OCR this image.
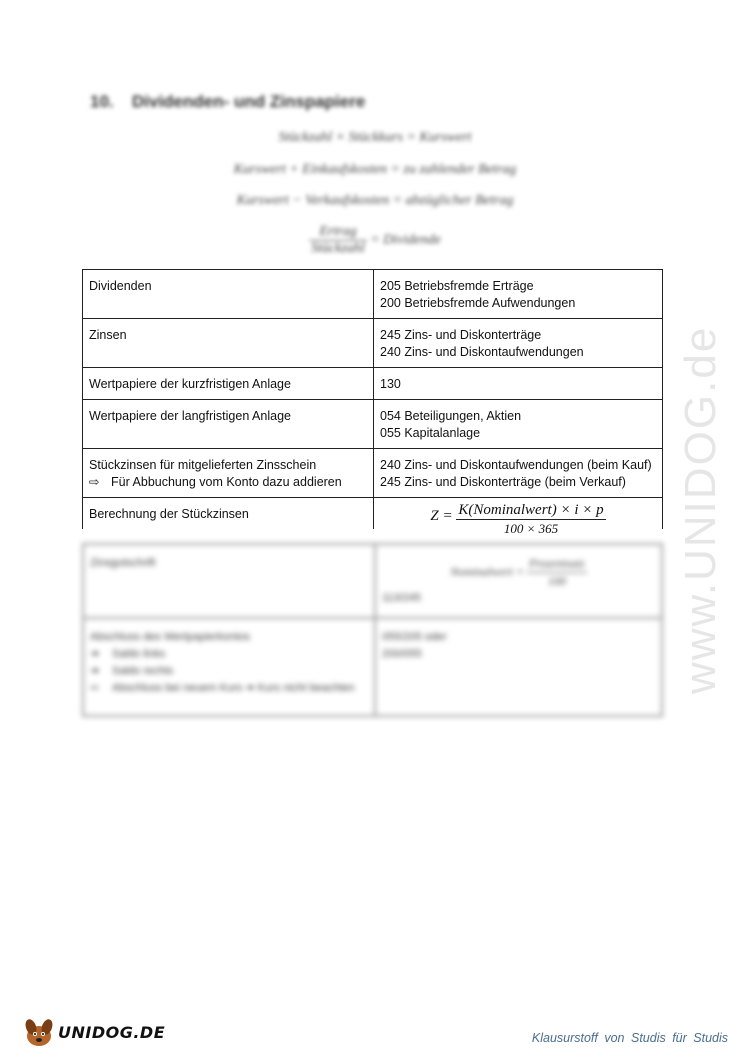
10. Dividenden- und Zinspapiere
Stückzahl × Stückkurs = Kurswert
Kurswert + Einkaufskosten = zu zahlender Betrag
Kurswert − Verkaufskosten = abzüglicher Betrag
$\frac{\text{Ertrag}}{\text{Stückzahl}}$ = Dividende
Dividenden	205 Betriebsfremde Erträge
200 Betriebsfremde Aufwendungen

Zinsen	245 Zins- und Diskonterträge
240 Zins- und Diskontaufwendungen

Wertpapiere der kurzfristigen Anlage	130
Wertpapiere der langfristigen Anlage	054 Beteiligungen, Aktien
055 Kapitalanlage

Stückzinsen für mitgelieferten Zinsschein
⇨ Für Abbuchung vom Konto dazu addieren	240 Zins- und Diskontaufwendungen (beim Kauf)
245 Zins- und Diskonterträge (beim Verkauf)

Berechnung der Stückzinsen	$Z = \frac{\text{K(Nominalwert) × i × p}}{100 \times 365}$
Zinsgutschrift	Nominalwert × $\frac{\text{Prozentsatz}}{100}$
113/245

Abschluss des Wertpapierkontos
➔ Saldo links
➔ Saldo rechts
⇨ Abschluss bei neuem Kurs ➔ Kurs nicht beachten	055/205 oder
200/055	www.UNIDOG.de
UNIDOG.DE	Klausurstoff von Studis für Studis
